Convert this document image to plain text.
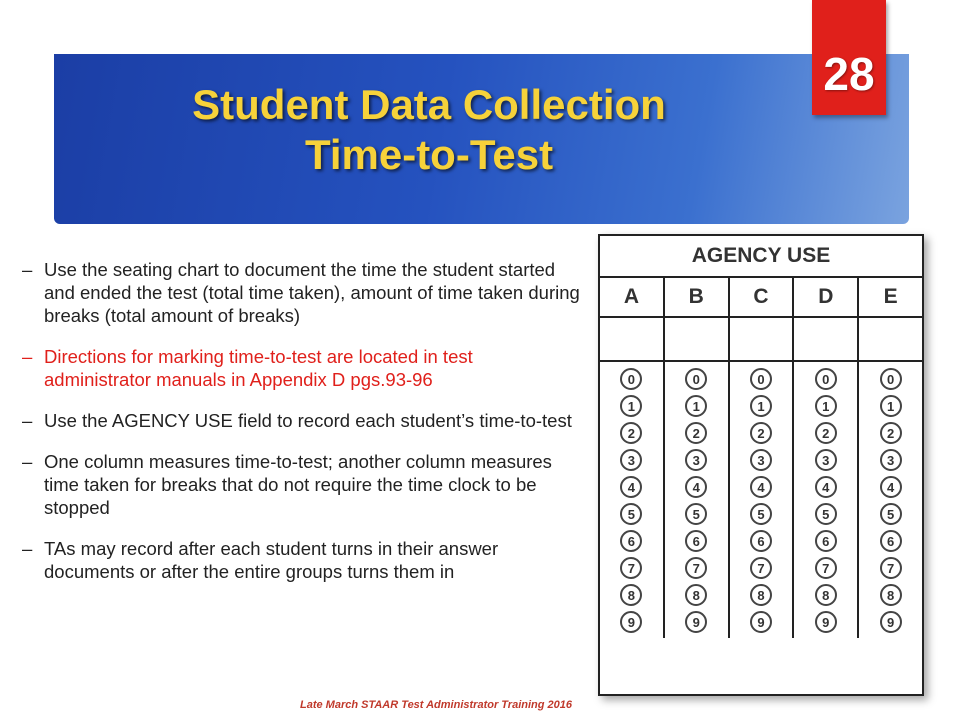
Student Data Collection
Time-to-Test
28
– Use the seating chart to document the time the student started and ended the test (total time taken), amount of time taken during breaks (total amount of breaks)
– Directions for marking time-to-test are located in test administrator manuals in Appendix D pgs.93-96
– Use the AGENCY USE field to record each student’s time-to-test
– One column measures time-to-test; another column measures time taken for breaks that do not require the time clock to be stopped
– TAs may record after each student turns in their answer documents or after the entire groups turns them in
AGENCY USE
A
0
1
2
3
4
5
6
7
8
9
B
0
1
2
3
4
5
6
7
8
9
C
0
1
2
3
4
5
6
7
8
9
D
0
1
2
3
4
5
6
7
8
9
E
0
1
2
3
4
5
6
7
8
9
Late March STAAR Test Administrator Training 2016
